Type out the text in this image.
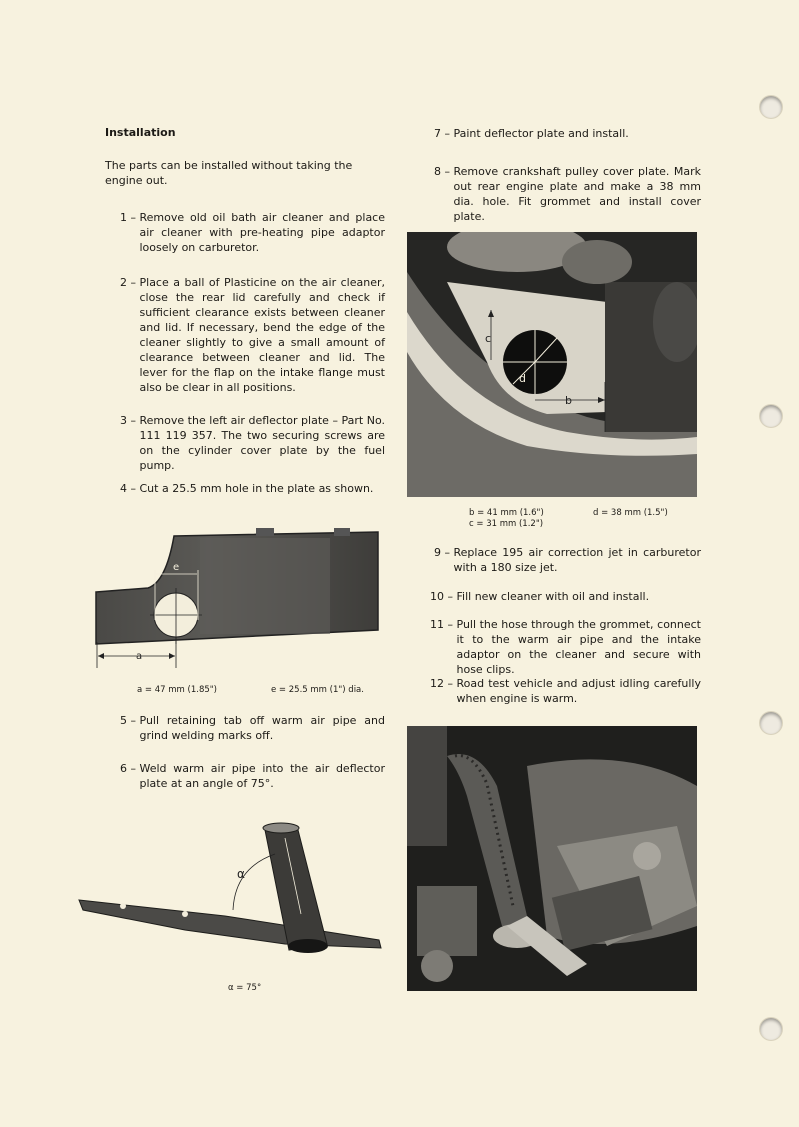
Installation
The parts can be installed without taking the engine out.
1 –
Remove old oil bath air cleaner and place air cleaner with pre-heating pipe adaptor loosely on carburetor.
2 –
Place a ball of Plasticine on the air cleaner, close the rear lid carefully and check if sufficient clearance exists between cleaner and lid. If necessary, bend the edge of the cleaner slightly to give a small amount of clearance between cleaner and lid. The lever for the flap on the intake flange must also be clear in all positions.
3 –
Remove the left air deflector plate – Part No. 111 119 357. The two securing screws are on the cylinder cover plate by the fuel pump.
4 –
Cut a 25.5 mm hole in the plate as shown.
e
a
a = 47 mm (1.85")	e = 25.5 mm (1") dia.
5 –
Pull retaining tab off warm air pipe and grind welding marks off.
6 –
Weld warm air pipe into the air deflector plate at an angle of 75°.
α
α = 75°
7 –
Paint deflector plate and install.
8 –
Remove crankshaft pulley cover plate. Mark out rear engine plate and make a 38 mm dia. hole. Fit grommet and install cover plate.
c
d
b
b = 41 mm (1.6")
c = 31 mm (1.2")
d = 38 mm (1.5")
9 –
Replace 195 air correction jet in carburetor with a 180 size jet.
10 –
Fill new cleaner with oil and install.
11 –
Pull the hose through the grommet, connect it to the warm air pipe and the intake adaptor on the cleaner and secure with hose clips.
12 –
Road test vehicle and adjust idling carefully when engine is warm.
